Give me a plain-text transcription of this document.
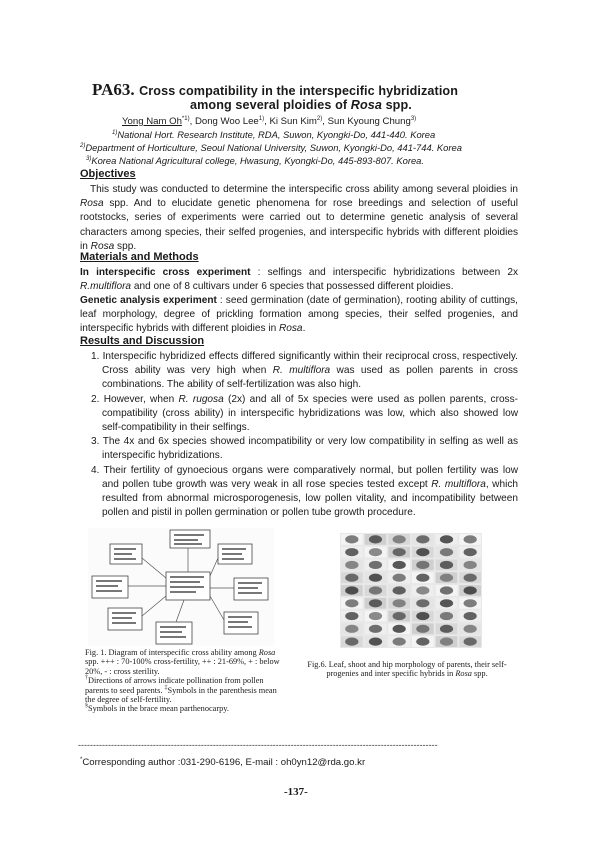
PA63. Cross compatibility in the interspecific hybridization
among several ploidies of Rosa spp.
Yong Nam Oh$^{*1)}$, Dong Woo Lee$^{1)}$, Ki Sun Kim$^{2)}$, Sun Kyoung Chung$^{3)}$
$^{1)}$National Hort. Research Institute, RDA, Suwon, Kyongki-Do, 441-440. Korea
$^{2)}$Department of Horticulture, Seoul National University, Suwon, Kyongki-Do, 441-744. Korea
$^{3)}$Korea National Agricultural college, Hwasung, Kyongki-Do, 445-893-807. Korea.
Objectives
This study was conducted to determine the interspecific cross ability among several ploidies in Rosa spp. And to elucidate genetic phenomena for rose breedings and selection of useful rootstocks, series of experiments were carried out to determine genetic analysis of several characters among species, their selfed progenies, and interspecific hybrids with different ploidies in Rosa spp.
Materials and Methods
In interspecific cross experiment : selfings and interspecific hybridizations between 2x R.multiflora and one of 8 cultivars under 6 species that possessed different ploidies.
Genetic analysis experiment : seed germination (date of germination), rooting ability of cuttings, leaf morphology, degree of prickling formation among species, their selfed progenies, and interspecific hybrids with different ploidies in Rosa.
Results and Discussion
1. Interspecific hybridized effects differed significantly within their reciprocal cross, respectively. Cross ability was very high when R. multiflora was used as pollen parents in cross combinations. The ability of self-fertilization was also high.
2. However, when R. rugosa (2x) and all of 5x species were used as pollen parents, cross-compatibility (cross ability) in interspecific hybridizations was low, which also showed low self-compatibility in their selfings.
3. The 4x and 6x species showed incompatibility or very low compatibility in selfing as well as interspecific hybridizations.
4. Their fertility of gynoecious organs were comparatively normal, but pollen fertility was low and pollen tube growth was very weak in all rose species tested except R. multiflora, which resulted from abnormal microsporogenesis, low pollen vitality, and incompatibility between pollen and pistil in pollen germination or pollen tube growth procedure.
Fig. 1. Diagram of interspecific cross ability among Rosa spp. +++ : 70-100% cross-fertility, ++ : 21-69%, + : below 20%, - : cross sterility.
†Directions of arrows indicate pollination from pollen parents to seed parents. ‡Symbols in the parenthesis mean the degree of self-fertility.
§Symbols in the brace mean parthenocarpy.
Fig.6. Leaf, shoot and hip morphology of parents, their self-progenies and inter specific hybrids in Rosa spp.
------------------------------------------------------------------------------------------------------------------------
*Corresponding author :031-290-6196, E-mail : oh0yn12@rda.go.kr
-137-
